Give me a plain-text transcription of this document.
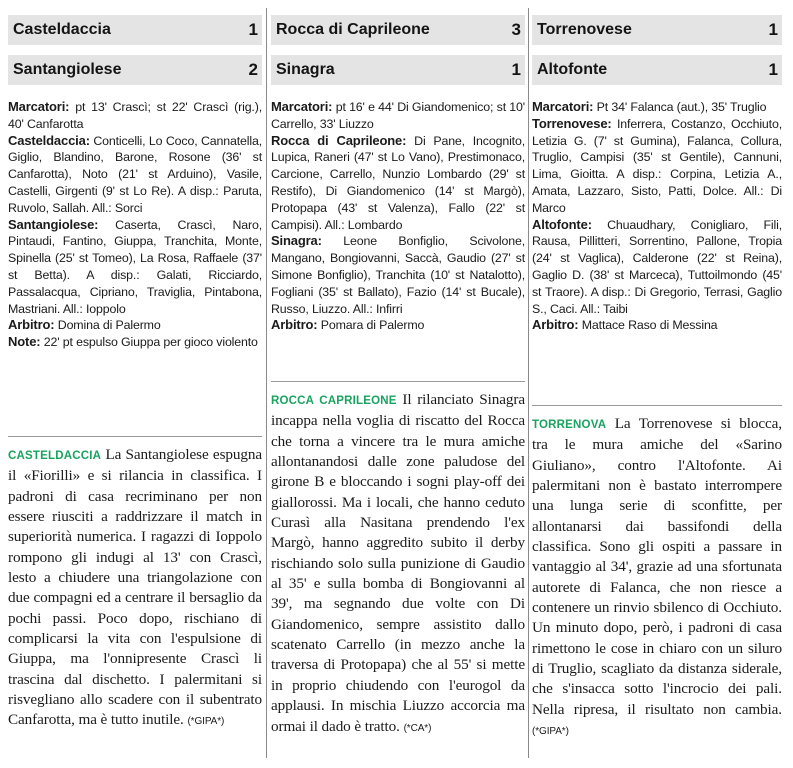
Casteldaccia	1
Santangiolese	2

Marcatori: pt 13' Crascì; st 22' Crascì (rig.), 40' Canfarotta

Casteldaccia: Conticelli, Lo Coco, Cannatella, Giglio, Blandino, Barone, Rosone (36' st Canfarotta), Noto (21' st Arduino), Vasile, Castelli, Girgenti (9' st Lo Re). A disp.: Paruta, Ruvolo, Sallah. All.: Sorci

Santangiolese: Caserta, Crascì, Naro, Pintaudi, Fantino, Giuppa, Tranchita, Monte, Spinella (25' st Tomeo), La Rosa, Raffaele (37' st Betta). A disp.: Galati, Ricciardo, Passalacqua, Cipriano, Traviglia, Pintabona, Mastriani. All.: Ioppolo

Arbitro: Domina di Palermo

Note: 22' pt espulso Giuppa per gioco violento

CASTELDACCIA La Santangiolese espugna il «Fiorilli» e si rilancia in classifica. I padroni di casa recriminano per non essere riusciti a raddrizzare il match in superiorità numerica. I ragazzi di Ioppolo rompono gli indugi al 13' con Crascì, lesto a chiudere una triangolazione con due compagni ed a centrare il bersaglio da pochi passi. Poco dopo, rischiano di complicarsi la vita con l'espulsione di Giuppa, ma l'onnipresente Crascì li trascina dal dischetto. I palermitani si risvegliano allo scadere con il subentrato Canfarotta, ma è tutto inutile. (*GIPA*)

Rocca di Caprileone	3
Sinagra	1

Marcatori: pt 16' e 44' Di Giandomenico; st 10' Carrello, 33' Liuzzo

Rocca di Caprileone: Di Pane, Incognito, Lupica, Raneri (47' st Lo Vano), Prestimonaco, Carcione, Carrello, Nunzio Lombardo (29' st Restifo), Di Giandomenico (14' st Margò), Protopapa (43' st Valenza), Fallo (22' st Campisi). All.: Lombardo

Sinagra: Leone Bonfiglio, Scivolone, Mangano, Bongiovanni, Saccà, Gaudio (27' st Simone Bonfiglio), Tranchita (10' st Natalotto), Fogliani (35' st Ballato), Fazio (14' st Bucale), Russo, Liuzzo. All.: Infirri

Arbitro: Pomara di Palermo

ROCCA CAPRILEONE Il rilanciato Sinagra incappa nella voglia di riscatto del Rocca che torna a vincere tra le mura amiche allontanandosi dalle zone paludose del girone B e bloccando i sogni play-off dei giallorossi. Ma i locali, che hanno ceduto Curasì alla Nasitana prendendo l'ex Margò, hanno aggredito subito il derby rischiando solo sulla punizione di Gaudio al 35' e sulla bomba di Bongiovanni al 39', ma segnando due volte con Di Giandomenico, sempre assistito dallo scatenato Carrello (in mezzo anche la traversa di Protopapa) che al 55' si mette in proprio chiudendo con l'eurogol da applausi. In mischia Liuzzo accorcia ma ormai il dado è tratto. (*CA*)

Torrenovese	1
Altofonte	1

Marcatori: Pt 34' Falanca (aut.), 35' Truglio

Torrenovese: Inferrera, Costanzo, Occhiuto, Letizia G. (7' st Gumina), Falanca, Collura, Truglio, Campisi (35' st Gentile), Cannuni, Lima, Gioitta. A disp.: Corpina, Letizia A., Amata, Lazzaro, Sisto, Patti, Dolce. All.: Di Marco

Altofonte: Chuaudhary, Conigliaro, Fili, Rausa, Pillitteri, Sorrentino, Pallone, Tropia (24' st Vaglica), Calderone (22' st Reina), Gaglio D. (38' st Marceca), Tuttoilmondo (45' st Traore). A disp.: Di Gregorio, Terrasi, Gaglio S., Caci. All.: Taibi

Arbitro: Mattace Raso di Messina

TORRENOVA La Torrenovese si blocca, tra le mura amiche del «Sarino Giuliano», contro l'Altofonte. Ai palermitani non è bastato interrompere una lunga serie di sconfitte, per allontanarsi dai bassifondi della classifica. Sono gli ospiti a passare in vantaggio al 34', grazie ad una sfortunata autorete di Falanca, che non riesce a contenere un rinvio sbilenco di Occhiuto. Un minuto dopo, però, i padroni di casa rimettono le cose in chiaro con un siluro di Truglio, scagliato da distanza siderale, che s'insacca sotto l'incrocio dei pali. Nella ripresa, il risultato non cambia. (*GIPA*)
